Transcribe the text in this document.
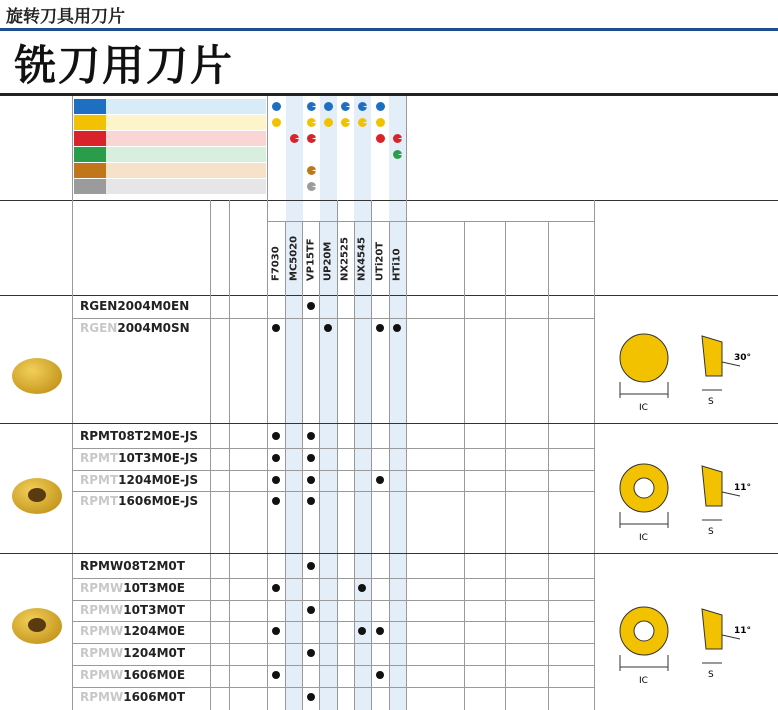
旋转刀具用刀片
铣刀用刀片
F7030 MC5020 VP15TF UP20M NX2525 NX4545 UTi20T HTi10
RGEN2004M0EN
RGEN2004M0SN
IC
S
30°
RPMT08T2M0E-JS
RPMT10T3M0E-JS
RPMT1204M0E-JS
RPMT1606M0E-JS
IC
S
11°
RPMW08T2M0T
RPMW10T3M0E
RPMW10T3M0T
RPMW1204M0E
RPMW1204M0T
RPMW1606M0E
RPMW1606M0T
IC
S
11°
